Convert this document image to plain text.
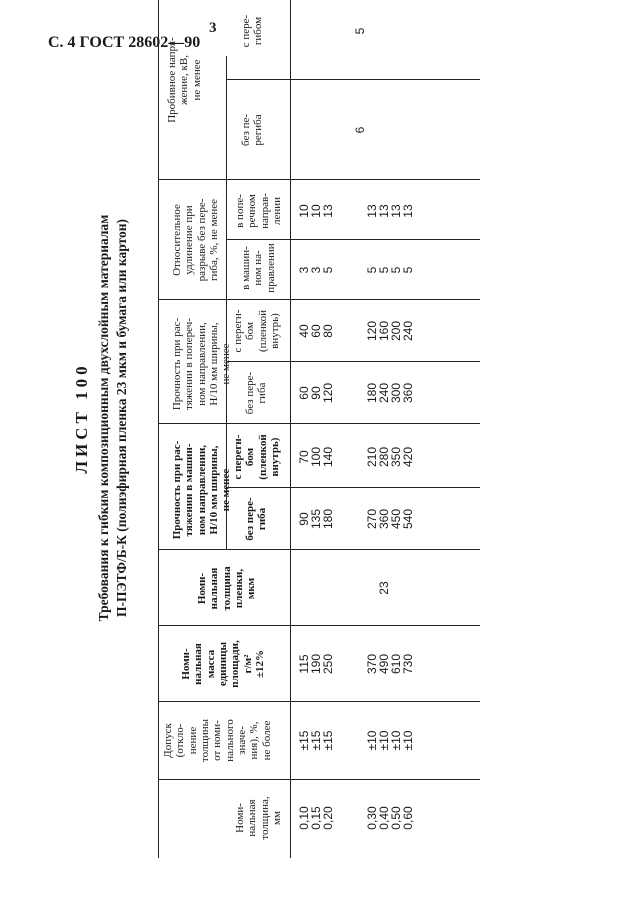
С. 4 ГОСТ 28602—90
3
ЛИСТ 100 Требования к гибким композиционным двухслойным материалам П-ПЭТФ/Б-К (полиэфирная пленка 23 мкм и бумага или картон)
Номи- нальная толщина, мм
Допуск (откло- нение толщины от номи- нального значе- ния), %, не более
Номи- нальная масса единицы площади, г/м² ±12%
Номи- нальная толщина пленки, мкм
Прочность при рас- тяжении в машин- ном направлении, Н/10 мм ширины, не менее
без пере- гиба
с перегн- бом (пленкой внутрь)
Прочность при рас- тяжении в попереч- ном направлении, Н/10 мм ширины, не менее
без пере- гиба
с перегн- бом (пленкой внутрь)
Относительное удлинение при разрыве без пере- гиба, %, не менее в машин- ном на- правлении
в попе- речном направ- лении
Пробивное напря- жение, кВ, не менее
без пе- региба
с пере- гибом
0,10
±15
115
90
70
60
40
3
10
0,15
±15
190
135
100
90
60
3
10
0,20
±15
250
180
140
120
80
5
13
0,30
±10
370
270
210
180
120
5
13
0,40
±10
490
360
280
240
160
5
13
0,50
±10
610
450
350
300
200
5
13
0,60
±10
730
540
420
360
240
5
13
23
6
5
